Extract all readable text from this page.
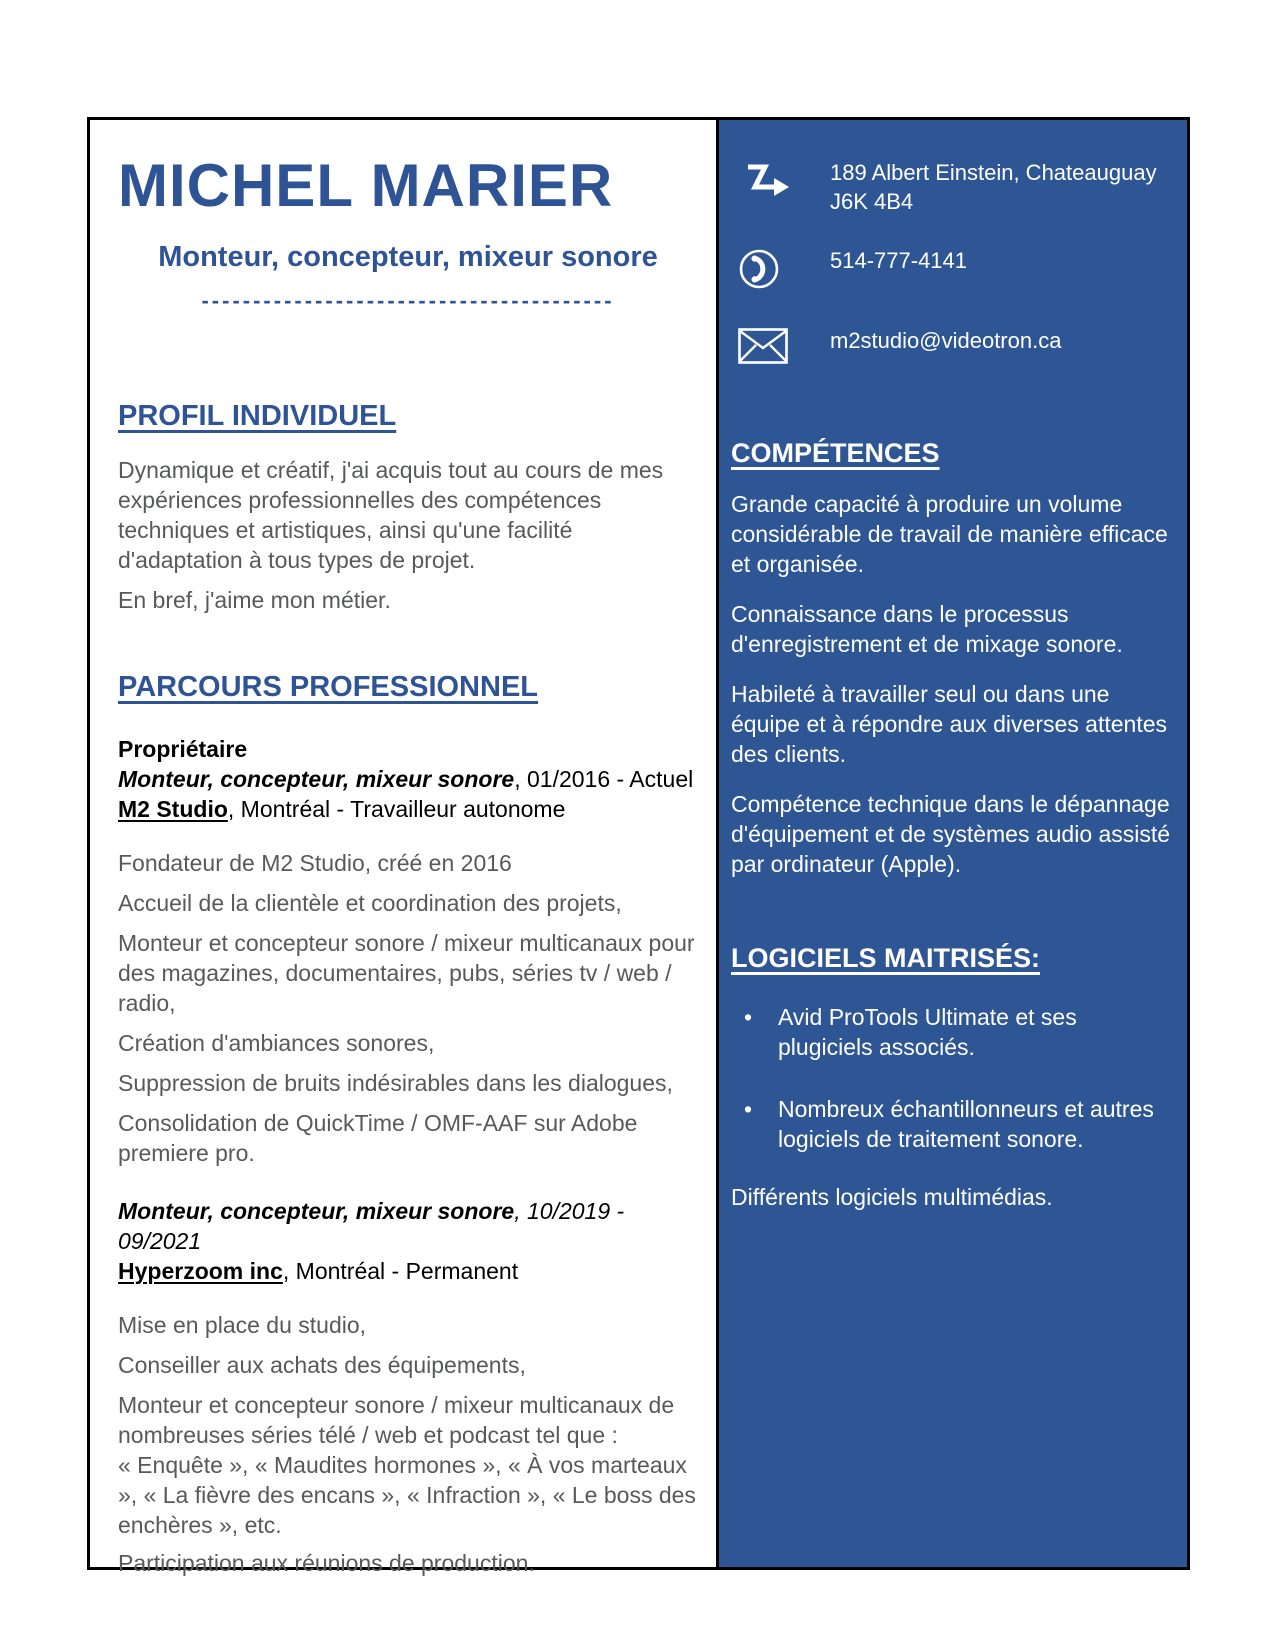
MICHEL MARIER
Monteur, concepteur, mixeur sonore
----------------------------------------
PROFIL INDIVIDUEL

Dynamique et créatif, j'ai acquis tout au cours de mes expériences professionnelles des compétences techniques et artistiques, ainsi qu'une facilité d'adaptation à tous types de projet.

En bref, j'aime mon métier.

PARCOURS PROFESSIONNEL
Propriétaire
Monteur, concepteur, mixeur sonore, 01/2016 - Actuel
M2 Studio, Montréal - Travailleur autonome

Fondateur de M2 Studio, créé en 2016

Accueil de la clientèle et coordination des projets,

Monteur et concepteur sonore / mixeur multicanaux pour des magazines, documentaires, pubs, séries tv / web / radio,

Création d'ambiances sonores,

Suppression de bruits indésirables dans les dialogues,

Consolidation de QuickTime / OMF-AAF sur Adobe premiere pro.

Monteur, concepteur, mixeur sonore, 10/2019 - 09/2021
Hyperzoom inc, Montréal - Permanent

Mise en place du studio,

Conseiller aux achats des équipements,

Monteur et concepteur sonore / mixeur multicanaux de nombreuses séries télé / web et podcast tel que :
« Enquête », « Maudites hormones », « À vos marteaux », « La fièvre des encans », « Infraction », « Le boss des enchères », etc.

Participation aux réunions de production.

189 Albert Einstein, Chateauguay
J6K 4B4
514-777-4141
m2studio@videotron.ca
COMPÉTENCES

Grande capacité à produire un volume considérable de travail de manière efficace et organisée.

Connaissance dans le processus d'enregistrement et de mixage sonore.

Habileté à travailler seul ou dans une équipe et à répondre aux diverses attentes des clients.

Compétence technique dans le dépannage d'équipement et de systèmes audio assisté par ordinateur (Apple).

LOGICIELS MAITRISÉS:
•	Avid ProTools Ultimate et ses plugiciels associés.
•	Nombreux échantillonneurs et autres logiciels de traitement sonore.

Différents logiciels multimédias.
